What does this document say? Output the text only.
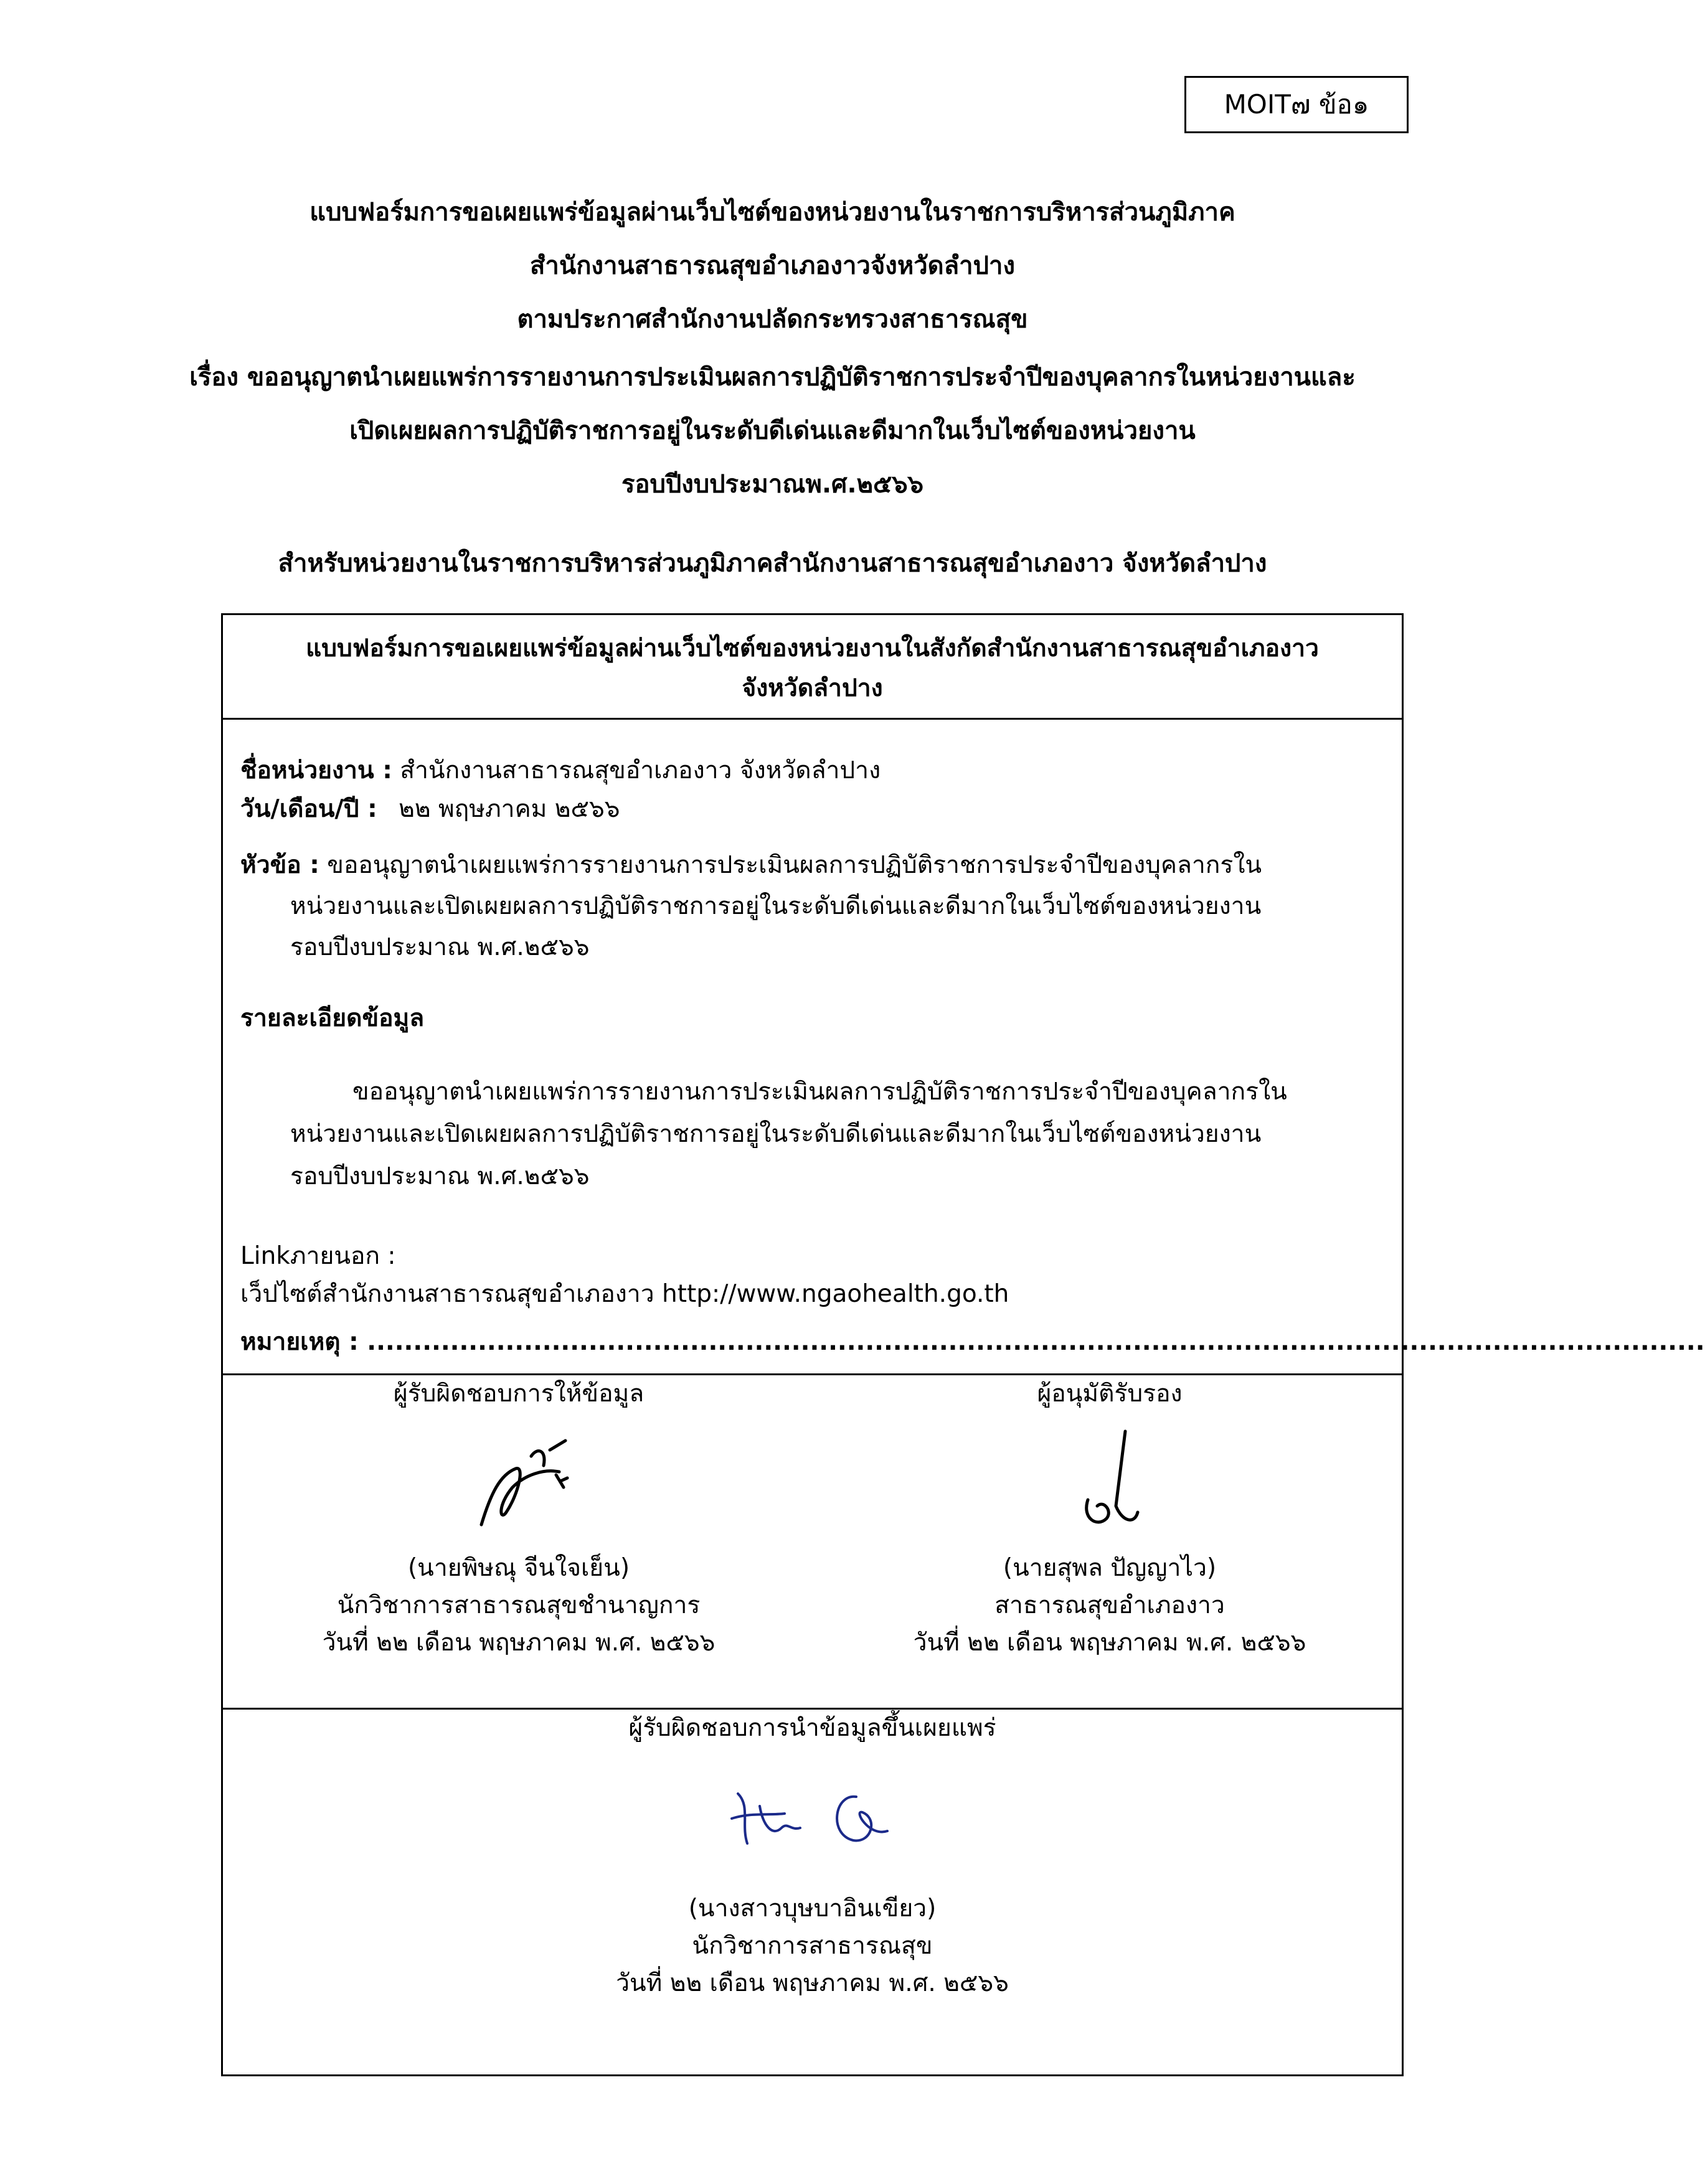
MOIT๗ ข้อ๑
แบบฟอร์มการขอเผยแพร่ข้อมูลผ่านเว็บไซต์ของหน่วยงานในราชการบริหารส่วนภูมิภาค
สำนักงานสาธารณสุขอำเภองาวจังหวัดลำปาง
ตามประกาศสำนักงานปลัดกระทรวงสาธารณสุข
เรื่อง ขออนุญาตนำเผยแพร่การรายงานการประเมินผลการปฏิบัติราชการประจำปีของบุคลากรในหน่วยงานและ
เปิดเผยผลการปฏิบัติราชการอยู่ในระดับดีเด่นและดีมากในเว็บไซต์ของหน่วยงาน
รอบปีงบประมาณพ.ศ.๒๕๖๖
สำหรับหน่วยงานในราชการบริหารส่วนภูมิภาคสำนักงานสาธารณสุขอำเภองาว จังหวัดลำปาง
แบบฟอร์มการขอเผยแพร่ข้อมูลผ่านเว็บไซต์ของหน่วยงานในสังกัดสำนักงานสาธารณสุขอำเภองาว
จังหวัดลำปาง
ชื่อหน่วยงาน : สำนักงานสาธารณสุขอำเภองาว จังหวัดลำปาง
วัน/เดือน/ปี : ๒๒ พฤษภาคม ๒๕๖๖
หัวข้อ : ขออนุญาตนำเผยแพร่การรายงานการประเมินผลการปฏิบัติราชการประจำปีของบุคลากรใน
หน่วยงานและเปิดเผยผลการปฏิบัติราชการอยู่ในระดับดีเด่นและดีมากในเว็บไซต์ของหน่วยงาน
รอบปีงบประมาณ พ.ศ.๒๕๖๖
รายละเอียดข้อมูล
ขออนุญาตนำเผยแพร่การรายงานการประเมินผลการปฏิบัติราชการประจำปีของบุคลากรใน
หน่วยงานและเปิดเผยผลการปฏิบัติราชการอยู่ในระดับดีเด่นและดีมากในเว็บไซต์ของหน่วยงาน
รอบปีงบประมาณ พ.ศ.๒๕๖๖
Linkภายนอก :
เว็ปไซต์สำนักงานสาธารณสุขอำเภองาว http://www.ngaohealth.go.th
หมายเหตุ : .................................................................................................................................................
ผู้รับผิดชอบการให้ข้อมูล
(นายพิษณุ จีนใจเย็น)
นักวิชาการสาธารณสุขชำนาญการ
วันที่ ๒๒ เดือน พฤษภาคม พ.ศ. ๒๕๖๖
ผู้อนุมัติรับรอง
(นายสุพล ปัญญาไว)
สาธารณสุขอำเภองาว
วันที่ ๒๒ เดือน พฤษภาคม พ.ศ. ๒๕๖๖
ผู้รับผิดชอบการนำข้อมูลขึ้นเผยแพร่
(นางสาวบุษบาอินเขียว)
นักวิชาการสาธารณสุข
วันที่ ๒๒ เดือน พฤษภาคม พ.ศ. ๒๕๖๖
